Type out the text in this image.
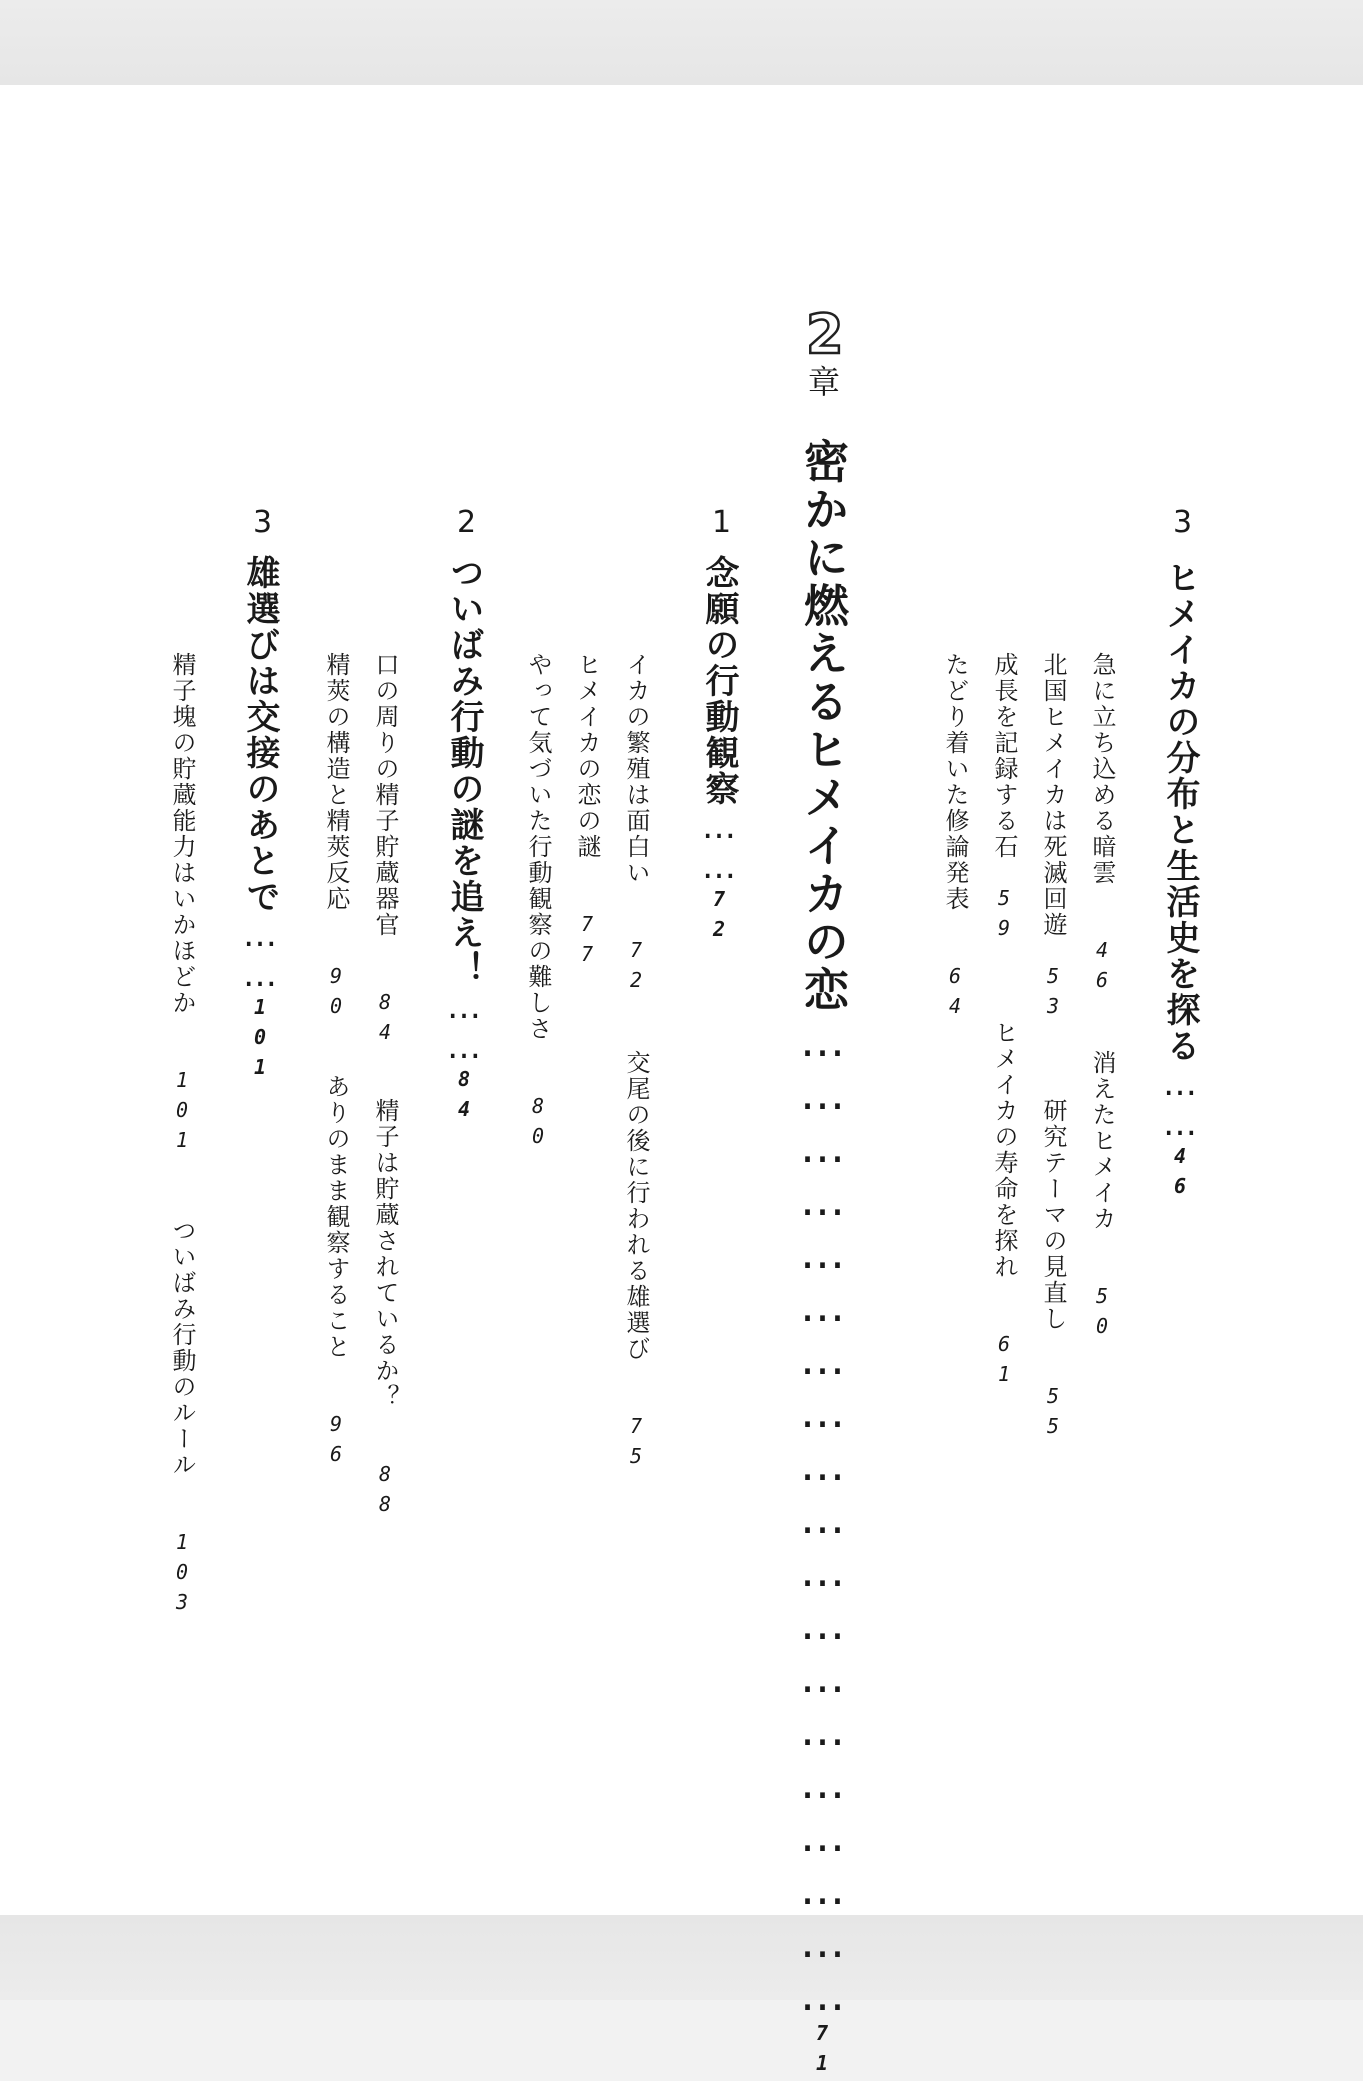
3
ヒメイカの分布と生活史を探る……46
急に立ち込める暗雲　　46
消えたヒメイカ　　50
北国ヒメイカは死滅回遊　53
研究テーマの見直し　　55
成長を記録する石　59
ヒメイカの寿命を探れ　　61
たどり着いた修論発表　　64
2
章
密かに燃えるヒメイカの恋…………………………………………………71
1
念願の行動観察……72
イカの繁殖は面白い　　72
交尾の後に行われる雄選び　　75
ヒメイカの恋の謎　　77
やって気づいた行動観察の難しさ　　80
2
ついばみ行動の謎を追え！……84
口の周りの精子貯蔵器官　　84
精子は貯蔵されているか？　　88
精莢の構造と精莢反応　　90
ありのまま観察すること　　96
3
雄選びは交接のあとで……101
精子塊の貯蔵能力はいかほどか　　101
ついばみ行動のルール　　103
